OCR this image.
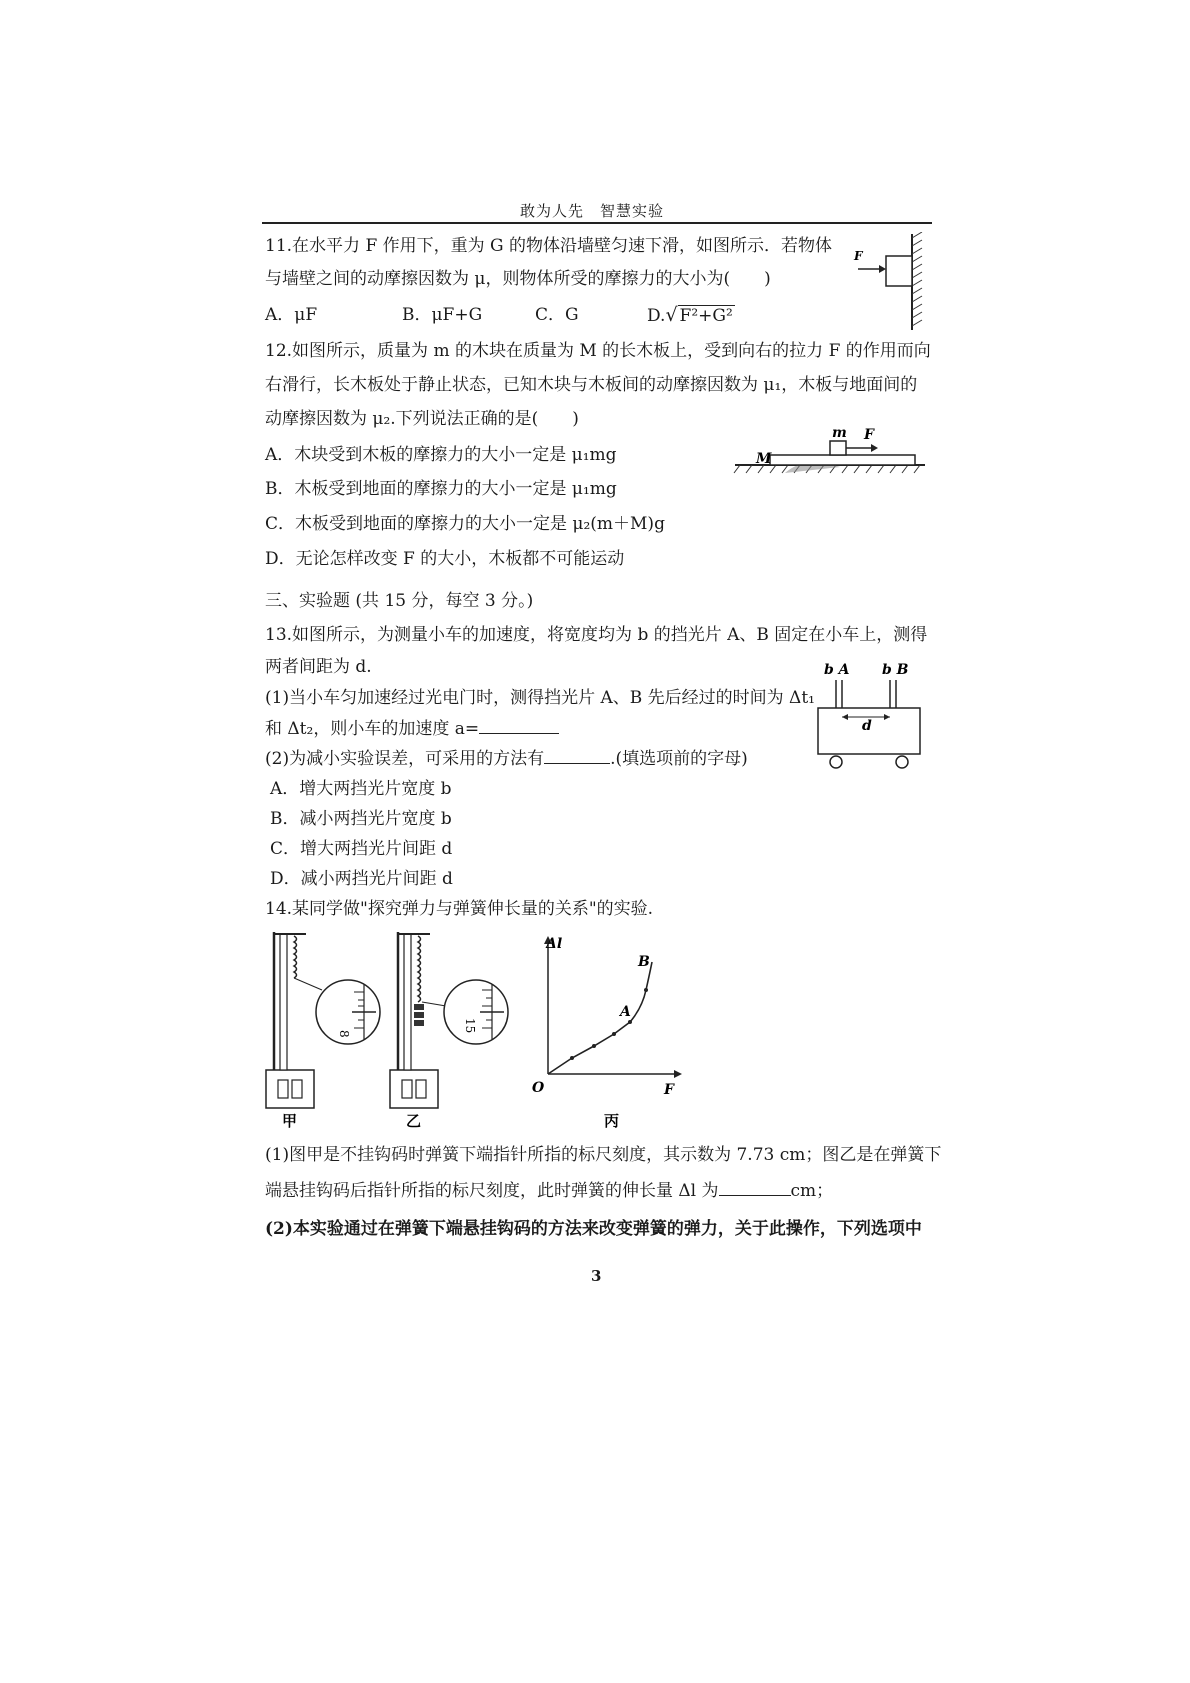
敢为人先　智慧实验
11.在水平力 F 作用下，重为 G 的物体沿墙壁匀速下滑，如图所示．若物体
与墙壁之间的动摩擦因数为 μ，则物体所受的摩擦力的大小为(　　)
A．μF	B．μF+G	C．G	D.√ F²+G²
F
12.如图所示，质量为 m 的木块在质量为 M 的长木板上，受到向右的拉力 F 的作用而向
右滑行，长木板处于静止状态，已知木块与木板间的动摩擦因数为 μ₁，木板与地面间的
动摩擦因数为 μ₂.下列说法正确的是(　　)
A．木块受到木板的摩擦力的大小一定是 μ₁mg
B．木板受到地面的摩擦力的大小一定是 μ₁mg
C．木板受到地面的摩擦力的大小一定是 μ₂(m＋M)g
D．无论怎样改变 F 的大小，木板都不可能运动
m
M
F
三、实验题 (共 15 分，每空 3 分。)
13.如图所示，为测量小车的加速度，将宽度均为 b 的挡光片 A、B 固定在小车上，测得
两者间距为 d.
(1)当小车匀加速经过光电门时，测得挡光片 A、B 先后经过的时间为 Δt₁
和 Δt₂，则小车的加速度 a=
(2)为减小实验误差，可采用的方法有	.(填选项前的字母)
A．增大两挡光片宽度 b
B．减小两挡光片宽度 b
C．增大两挡光片间距 d
D．减小两挡光片间距 d
b A b B
d
14.某同学做"探究弹力与弹簧伸长量的关系"的实验.
8
甲
15
乙
Δl
F
O
A
B
丙
(1)图甲是不挂钩码时弹簧下端指针所指的标尺刻度，其示数为 7.73 cm；图乙是在弹簧下
端悬挂钩码后指针所指的标尺刻度，此时弹簧的伸长量 Δl 为	cm；
(2)本实验通过在弹簧下端悬挂钩码的方法来改变弹簧的弹力，关于此操作，下列选项中
3
